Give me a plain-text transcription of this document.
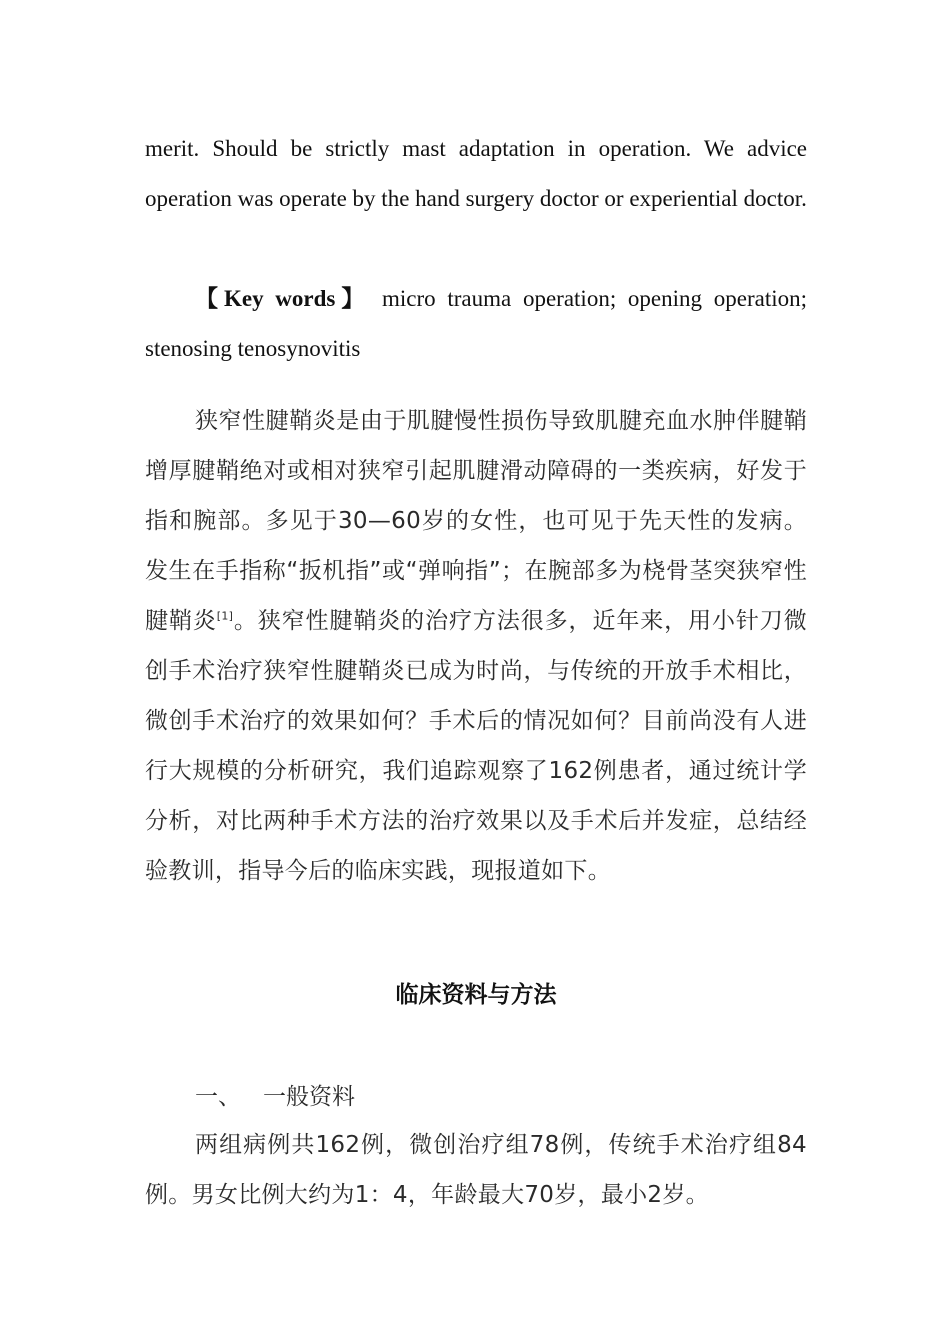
merit. Should be strictly mast adaptation in operation. We advice operation was operate by the hand surgery doctor or experiential doctor.

【Key words】 micro trauma operation; opening operation; stenosing tenosynovitis

狭窄性腱鞘炎是由于肌腱慢性损伤导致肌腱充血水肿伴腱鞘增厚腱鞘绝对或相对狭窄引起肌腱滑动障碍的一类疾病，好发于指和腕部。多见于30—60岁的女性，也可见于先天性的发病。发生在手指称“扳机指”或“弹响指”；在腕部多为桡骨茎突狭窄性腱鞘炎[1]。狭窄性腱鞘炎的治疗方法很多，近年来，用小针刀微创手术治疗狭窄性腱鞘炎已成为时尚，与传统的开放手术相比，微创手术治疗的效果如何？手术后的情况如何？目前尚没有人进行大规模的分析研究，我们追踪观察了162例患者，通过统计学分析，对比两种手术方法的治疗效果以及手术后并发症，总结经验教训，指导今后的临床实践，现报道如下。

临床资料与方法
一、 一般资料

两组病例共162例，微创治疗组78例，传统手术治疗组84例。男女比例大约为1：4，年龄最大70岁，最小2岁。
